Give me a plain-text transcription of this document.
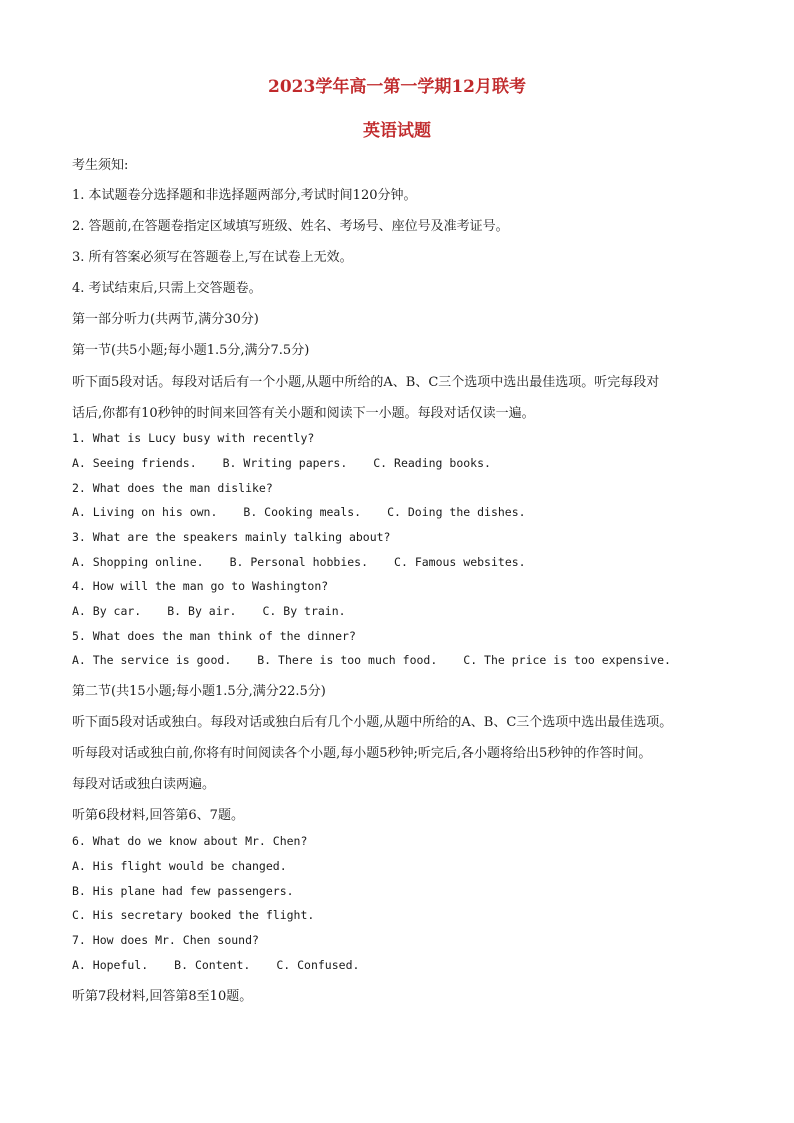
2023学年高一第一学期12月联考
英语试题
考生须知:
1. 本试题卷分选择题和非选择题两部分,考试时间120分钟。
2. 答题前,在答题卷指定区域填写班级、姓名、考场号、座位号及准考证号。
3. 所有答案必须写在答题卷上,写在试卷上无效。
4. 考试结束后,只需上交答题卷。
第一部分听力(共两节,满分30分)
第一节(共5小题;每小题1.5分,满分7.5分)
听下面5段对话。每段对话后有一个小题,从题中所给的A、B、C三个选项中选出最佳选项。听完每段对
话后,你都有10秒钟的时间来回答有关小题和阅读下一小题。每段对话仅读一遍。
1. What is Lucy busy with recently?
A. Seeing friends. B. Writing papers. C. Reading books.
2. What does the man dislike?
A. Living on his own. B. Cooking meals. C. Doing the dishes.
3. What are the speakers mainly talking about?
A. Shopping online. B. Personal hobbies. C. Famous websites.
4. How will the man go to Washington?
A. By car. B. By air. C. By train.
5. What does the man think of the dinner?
A. The service is good. B. There is too much food. C. The price is too expensive.
第二节(共15小题;每小题1.5分,满分22.5分)
听下面5段对话或独白。每段对话或独白后有几个小题,从题中所给的A、B、C三个选项中选出最佳选项。
听每段对话或独白前,你将有时间阅读各个小题,每小题5秒钟;听完后,各小题将给出5秒钟的作答时间。
每段对话或独白读两遍。
听第6段材料,回答第6、7题。
6. What do we know about Mr. Chen?
A. His flight would be changed.
B. His plane had few passengers.
C. His secretary booked the flight.
7. How does Mr. Chen sound?
A. Hopeful. B. Content. C. Confused.
听第7段材料,回答第8至10题。
